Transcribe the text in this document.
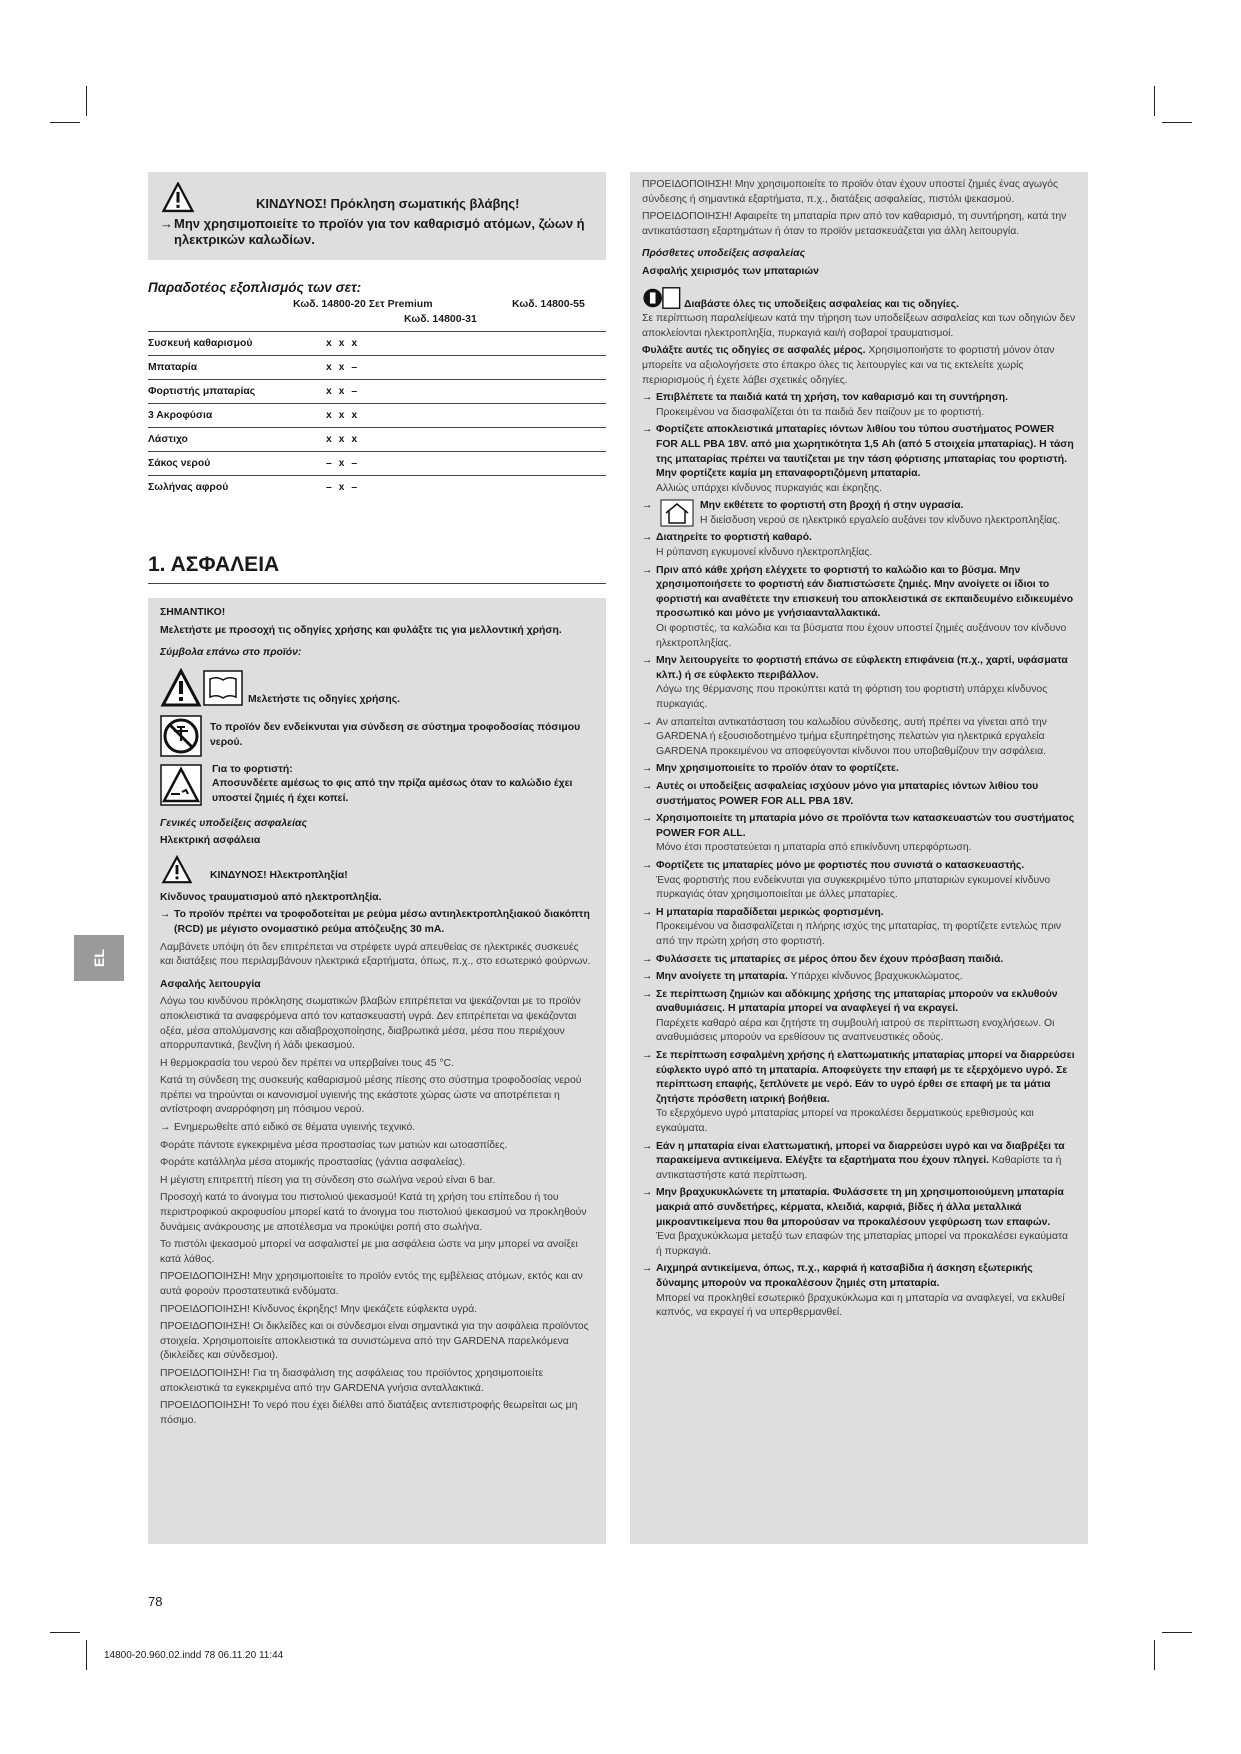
ΚΙΝΔΥΝΟΣ! Πρόκληση σωματικής βλάβης!
→ Μην χρησιμοποιείτε το προϊόν για τον καθαρισμό ατόμων, ζώων ή ηλεκτρικών καλωδίων.
Παραδοτέος εξοπλισμός των σετ:
Κωδ. 14800-20 Σετ Premium
Κωδ. 14800-31
Κωδ. 14800-55
Συσκευή καθαρισμού	x x x
Μπαταρία	x x –
Φορτιστής μπαταρίας	x x –
3 Ακροφύσια	x x x
Λάστιχο	x x x
Σάκος νερού	– x –
Σωλήνας αφρού	– x –
1. ΑΣΦΑΛΕΙΑ

ΣΗΜΑΝΤΙΚΟ!

Μελετήστε με προσοχή τις οδηγίες χρήσης και φυλάξτε τις για μελλοντική χρήση.

Σύμβολα επάνω στο προϊόν:

Μελετήστε τις οδηγίες χρήσης.
Το προϊόν δεν ενδείκνυται για σύνδεση σε σύστημα τροφοδοσίας πόσιμου νερού.
Για το φορτιστή:
Αποσυνδέετε αμέσως το φις από την πρίζα αμέσως όταν το καλώδιο έχει υποστεί ζημιές ή έχει κοπεί.

Γενικές υποδείξεις ασφαλείας

Ηλεκτρική ασφάλεια

ΚΙΝΔΥΝΟΣ! Ηλεκτροπληξία!

Κίνδυνος τραυματισμού από ηλεκτροπληξία.

→ Το προϊόν πρέπει να τροφοδοτείται με ρεύμα μέσω αντιηλεκτροπληξιακού διακόπτη (RCD) με μέγιστο ονομαστικό ρεύμα απόζευξης 30 mA.

Λαμβάνετε υπόψη ότι δεν επιτρέπεται να στρέφετε υγρά απευθείας σε ηλεκτρικές συσκευές και διατάξεις που περιλαμβάνουν ηλεκτρικά εξαρτήματα, όπως, π.χ., στο εσωτερικό φούρνων.

Ασφαλής λειτουργία

Λόγω του κινδύνου πρόκλησης σωματικών βλαβών επιτρέπεται να ψεκάζονται με το προϊόν αποκλειστικά τα αναφερόμενα από τον κατασκευαστή υγρά. Δεν επιτρέπεται να ψεκάζονται οξέα, μέσα απολύμανσης και αδιαβροχοποίησης, διαβρωτικά μέσα, μέσα που περιέχουν απορρυπαντικά, βενζίνη ή λάδι ψεκασμού.

Η θερμοκρασία του νερού δεν πρέπει να υπερβαίνει τους 45 °C.

Κατά τη σύνδεση της συσκευής καθαρισμού μέσης πίεσης στο σύστημα τροφοδοσίας νερού πρέπει να τηρούνται οι κανονισμοί υγιεινής της εκάστοτε χώρας ώστε να αποτρέπεται η αντίστροφη αναρρόφηση μη πόσιμου νερού.

→ Ενημερωθείτε από ειδικό σε θέματα υγιεινής τεχνικό.

Φοράτε πάντοτε εγκεκριμένα μέσα προστασίας των ματιών και ωτοασπίδες.

Φοράτε κατάλληλα μέσα ατομικής προστασίας (γάντια ασφαλείας).

Η μέγιστη επιτρεπτή πίεση για τη σύνδεση στο σωλήνα νερού είναι 6 bar.

Προσοχή κατά το άνοιγμα του πιστολιού ψεκασμού! Κατά τη χρήση του επίπεδου ή του περιστροφικού ακροφυσίου μπορεί κατά το άνοιγμα του πιστολιού ψεκασμού να προκληθούν δυνάμεις ανάκρουσης με αποτέλεσμα να προκύψει ροπή στο σωλήνα.

Το πιστόλι ψεκασμού μπορεί να ασφαλιστεί με μια ασφάλεια ώστε να μην μπορεί να ανοίξει κατά λάθος.

ΠΡΟΕΙΔΟΠΟΙΗΣΗ! Μην χρησιμοποιείτε το προϊόν εντός της εμβέλειας ατόμων, εκτός και αν αυτά φορούν προστατευτικά ενδύματα.

ΠΡΟΕΙΔΟΠΟΙΗΣΗ! Κίνδυνος έκρηξης! Μην ψεκάζετε εύφλεκτα υγρά.

ΠΡΟΕΙΔΟΠΟΙΗΣΗ! Οι δικλείδες και οι σύνδεσμοι είναι σημαντικά για την ασφάλεια προϊόντος στοιχεία. Χρησιμοποιείτε αποκλειστικά τα συνιστώμενα από την GARDENA παρελκόμενα (δικλείδες και σύνδεσμοι).

ΠΡΟΕΙΔΟΠΟΙΗΣΗ! Για τη διασφάλιση της ασφάλειας του προϊόντος χρησιμοποιείτε αποκλειστικά τα εγκεκριμένα από την GARDENA γνήσια ανταλλακτικά.

ΠΡΟΕΙΔΟΠΟΙΗΣΗ! Το νερό που έχει διέλθει από διατάξεις αντεπιστροφής θεωρείται ως μη πόσιμο.

ΠΡΟΕΙΔΟΠΟΙΗΣΗ! Μην χρησιμοποιείτε το προϊόν όταν έχουν υποστεί ζημιές ένας αγωγός σύνδεσης ή σημαντικά εξαρτήματα, π.χ., διατάξεις ασφαλείας, πιστόλι ψεκασμού.

ΠΡΟΕΙΔΟΠΟΙΗΣΗ! Αφαιρείτε τη μπαταρία πριν από τον καθαρισμό, τη συντήρηση, κατά την αντικατάσταση εξαρτημάτων ή όταν το προϊόν μετασκευάζεται για άλλη λειτουργία.

Πρόσθετες υποδείξεις ασφαλείας

Ασφαλής χειρισμός των μπαταριών

Διαβάστε όλες τις υποδείξεις ασφαλείας και τις οδηγίες.

Σε περίπτωση παραλείψεων κατά την τήρηση των υποδείξεων ασφαλείας και των οδηγιών δεν αποκλείονται ηλεκτροπληξία, πυρκαγιά και/ή σοβαροί τραυματισμοί.

Φυλάξτε αυτές τις οδηγίες σε ασφαλές μέρος. Χρησιμοποιήστε το φορτιστή μόνον όταν μπορείτε να αξιολογήσετε στο έπακρο όλες τις λειτουργίες και να τις εκτελείτε χωρίς περιορισμούς ή έχετε λάβει σχετικές οδηγίες.

→ Επιβλέπετε τα παιδιά κατά τη χρήση, τον καθαρισμό και τη συντήρηση.
Προκειμένου να διασφαλίζεται ότι τα παιδιά δεν παίζουν με το φορτιστή.
→ Φορτίζετε αποκλειστικά μπαταρίες ιόντων λιθίου του τύπου συστήματος POWER FOR ALL PBA 18V. από μια χωρητικότητα 1,5 Ah (από 5 στοιχεία μπαταρίας). Η τάση της μπαταρίας πρέπει να ταυτίζεται με την τάση φόρτισης μπαταρίας του φορτιστή. Μην φορτίζετε καμία μη επαναφορτιζόμενη μπαταρία.
Αλλιώς υπάρχει κίνδυνος πυρκαγιάς και έκρηξης.
→	Μην εκθέτετε το φορτιστή στη βροχή ή στην υγρασία.
Η διείσδυση νερού σε ηλεκτρικό εργαλείο αυξάνει τον κίνδυνο ηλεκτροπληξίας.
→ Διατηρείτε το φορτιστή καθαρό.
Η ρύπανση εγκυμονεί κίνδυνο ηλεκτροπληξίας.
→ Πριν από κάθε χρήση ελέγχετε το φορτιστή το καλώδιο και το βύσμα. Μην χρησιμοποιήσετε το φορτιστή εάν διαπιστώσετε ζημιές. Μην ανοίγετε οι ίδιοι το φορτιστή και αναθέτετε την επισκευή του αποκλειστικά σε εκπαιδευμένο ειδικευμένο προσωπικό και μόνο με γνήσιαανταλλακτικά.
Οι φορτιστές, τα καλώδια και τα βύσματα που έχουν υποστεί ζημιές αυξάνουν τον κίνδυνο ηλεκτροπληξίας.
→ Μην λειτουργείτε το φορτιστή επάνω σε εύφλεκτη επιφάνεια (π.χ., χαρτί, υφάσματα κλπ.) ή σε εύφλεκτο περιβάλλον.
Λόγω της θέρμανσης που προκύπτει κατά τη φόρτιση του φορτιστή υπάρχει κίνδυνος πυρκαγιάς.
→ Αν απαιτείται αντικατάσταση του καλωδίου σύνδεσης, αυτή πρέπει να γίνεται από την GARDENA ή εξουσιοδοτημένο τμήμα εξυπηρέτησης πελατών για ηλεκτρικά εργαλεία GARDENA προκειμένου να αποφεύγονται κίνδυνοι που υποβαθμίζουν την ασφάλεια.
→ Μην χρησιμοποιείτε το προϊόν όταν το φορτίζετε.
→ Αυτές οι υποδείξεις ασφαλείας ισχύουν μόνο για μπαταρίες ιόντων λιθίου του συστήματος POWER FOR ALL PBA 18V.
→ Χρησιμοποιείτε τη μπαταρία μόνο σε προϊόντα των κατασκευαστών του συστήματος POWER FOR ALL.
Μόνο έτσι προστατεύεται η μπαταρία από επικίνδυνη υπερφόρτωση.
→ Φορτίζετε τις μπαταρίες μόνο με φορτιστές που συνιστά ο κατασκευαστής.
Ένας φορτιστής που ενδείκνυται για συγκεκριμένο τύπο μπαταριών εγκυμονεί κίνδυνο πυρκαγιάς όταν χρησιμοποιείται με άλλες μπαταρίες.
→ Η μπαταρία παραδίδεται μερικώς φορτισμένη.
Προκειμένου να διασφαλίζεται η πλήρης ισχύς της μπαταρίας, τη φορτίζετε εντελώς πριν από την πρώτη χρήση στο φορτιστή.
→ Φυλάσσετε τις μπαταρίες σε μέρος όπου δεν έχουν πρόσβαση παιδιά.
→ Μην ανοίγετε τη μπαταρία. Υπάρχει κίνδυνος βραχυκυκλώματος.
→ Σε περίπτωση ζημιών και αδόκιμης χρήσης της μπαταρίας μπορούν να εκλυθούν αναθυμιάσεις. Η μπαταρία μπορεί να αναφλεγεί ή να εκραγεί.
Παρέχετε καθαρό αέρα και ζητήστε τη συμβουλή ιατρού σε περίπτωση ενοχλήσεων. Οι αναθυμιάσεις μπορούν να ερεθίσουν τις αναπνευστικές οδούς.
→ Σε περίπτωση εσφαλμένη χρήσης ή ελαττωματικής μπαταρίας μπορεί να διαρρεύσει εύφλεκτο υγρό από τη μπαταρία. Αποφεύγετε την επαφή με τε εξερχόμενο υγρό. Σε περίπτωση επαφής, ξεπλύνετε με νερό. Εάν το υγρό έρθει σε επαφή με τα μάτια ζητήστε πρόσθετη ιατρική βοήθεια.
Το εξερχόμενο υγρό μπαταρίας μπορεί να προκαλέσει δερματικούς ερεθισμούς και εγκαύματα.
→ Εάν η μπαταρία είναι ελαττωματική, μπορεί να διαρρεύσει υγρό και να διαβρέξει τα παρακείμενα αντικείμενα. Ελέγξτε τα εξαρτήματα που έχουν πληγεί. Καθαρίστε τα ή αντικαταστήστε κατά περίπτωση.
→ Μην βραχυκυκλώνετε τη μπαταρία. Φυλάσσετε τη μη χρησιμοποιούμενη μπαταρία μακριά από συνδετήρες, κέρματα, κλειδιά, καρφιά, βίδες ή άλλα μεταλλικά μικροαντικείμενα που θα μπορούσαν να προκαλέσουν γεφύρωση των επαφών.
Ένα βραχυκύκλωμα μεταξύ των επαφών της μπαταρίας μπορεί να προκαλέσει εγκαύματα ή πυρκαγιά.
→ Αιχμηρά αντικείμενα, όπως, π.χ., καρφιά ή κατσαβίδια ή άσκηση εξωτερικής δύναμης μπορούν να προκαλέσουν ζημιές στη μπαταρία.
Μπορεί να προκληθεί εσωτερικό βραχυκύκλωμα και η μπαταρία να αναφλεγεί, να εκλυθεί καπνός, να εκραγεί ή να υπερθερμανθεί.
EL
78
14800-20.960.02.indd 78 06.11.20 11:44
